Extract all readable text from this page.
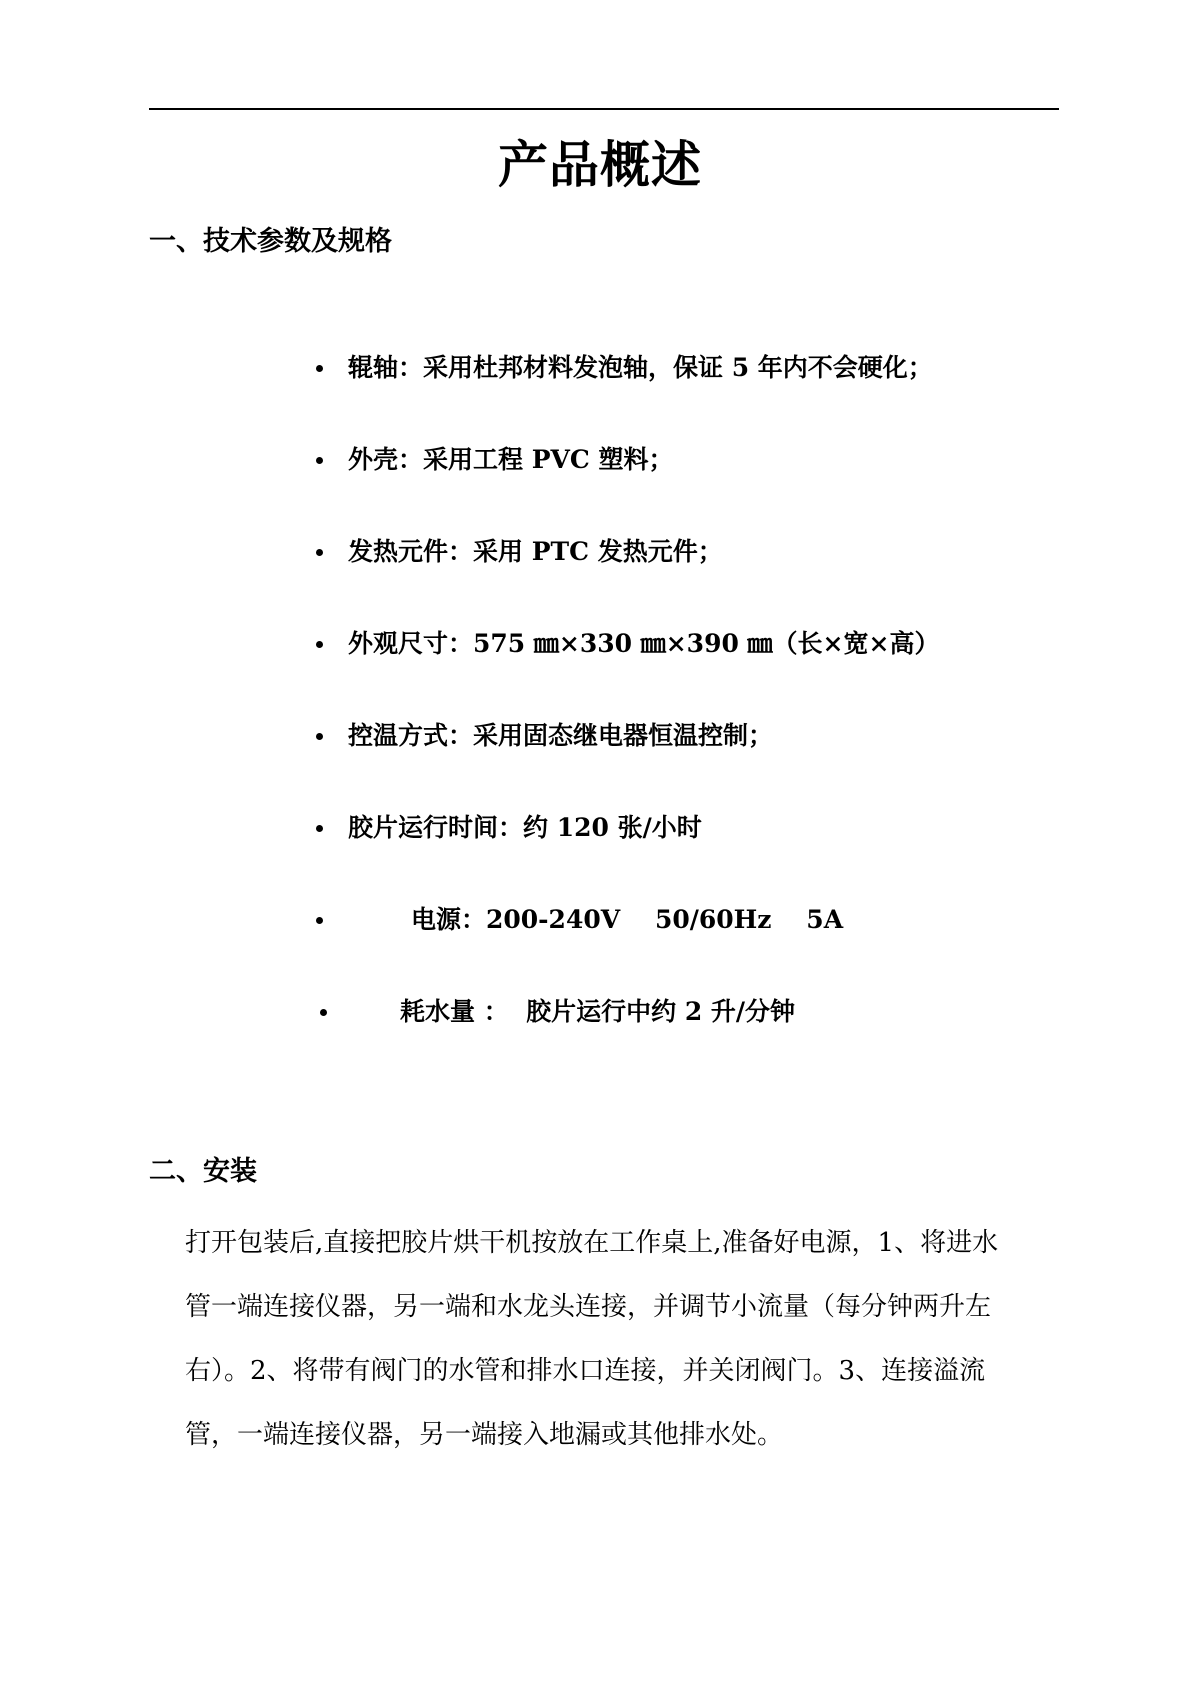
产品概述
一、技术参数及规格
辊轴：采用杜邦材料发泡轴，保证 5 年内不会硬化；
外壳：采用工程 PVC 塑料；
发热元件：采用 PTC 发热元件；
外观尺寸：575 ㎜×330 ㎜×390 ㎜（长×宽×高）
控温方式：采用固态继电器恒温控制；
胶片运行时间：约 120 张/小时
电源：200-240V    50/60Hz    5A
耗水量 ：  胶片运行中约 2 升/分钟
二、安装
打开包装后,直接把胶片烘干机按放在工作桌上,准备好电源，1、将进水
管一端连接仪器，另一端和水龙头连接，并调节小流量（每分钟两升左
右）。2、将带有阀门的水管和排水口连接，并关闭阀门。3、连接溢流
管，一端连接仪器，另一端接入地漏或其他排水处。
